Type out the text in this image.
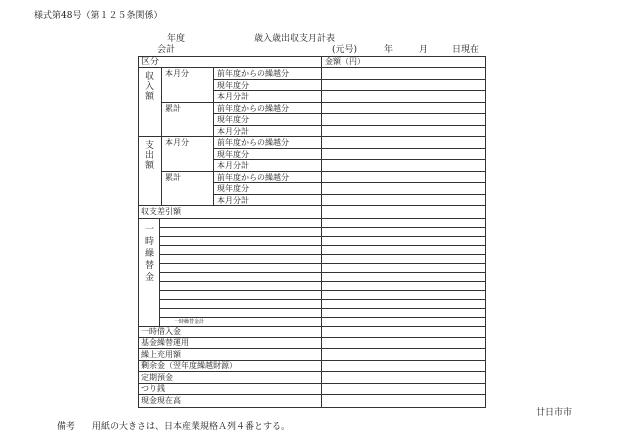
様式第48号（第１２５条関係）
年度	歳入歳出収支月計表
会計	(元号)	年	月	日現在
区分	金額（円）
収入額 本月分	前年度からの繰越分
現年度分
本月分計
累計	前年度からの繰越分
現年度分
本月分計
支出額 本月分	前年度からの繰越分
現年度分
本月分計
累計	前年度からの繰越分
現年度分
本月分計
収支差引額
一時繰替金
一時繰替金計
一時借入金
基金繰替運用
繰上充用額
剰余金（翌年度繰越財源）
定期預金
つり銭
現金現在高
廿日市市
備考 用紙の大きさは、日本産業規格Ａ列４番とする。
